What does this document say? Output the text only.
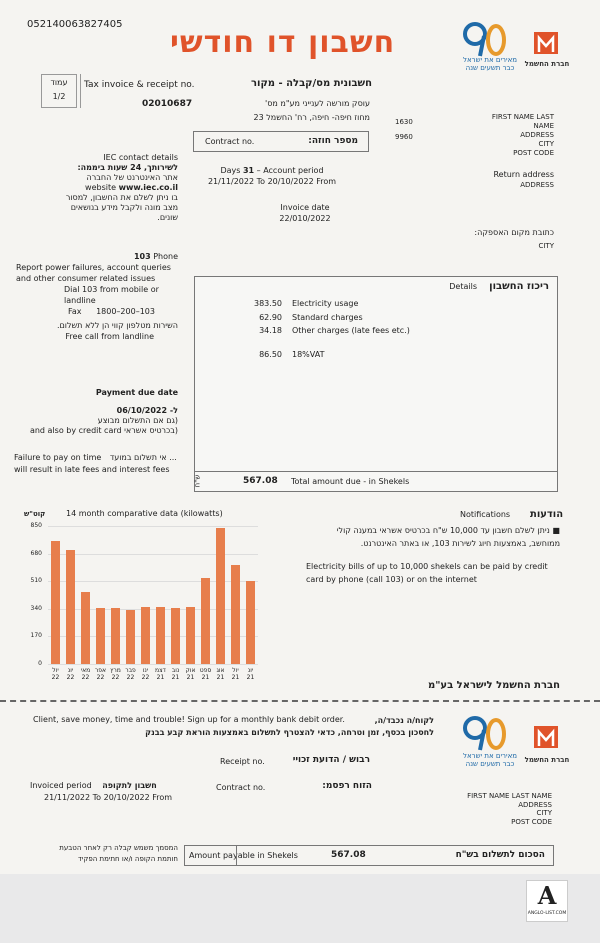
052140063827405
חשבון דו חודשי	מאירים את ישראל כבר תשעים שנה	חברת החשמל
עמוד
1/2
Tax invoice & receipt no.	חשבונית מס/קבלה - מקור
02010687	עוסק מורשה לענייני מע"מ מס'
מחוז חיפה- חיפה, רח' החשמל 23	1630
9960
FIRST NAME LAST NAME
ADDRESS
CITY
POST CODE
Contract no.	מספר חוזה:
IEC contact details
לשירותך, 24 שעות ביממה:
אתר האינטרנט של החברה
website www.iec.co.il
בו ניתן לשלם את החשבון, למסור
מצב מונה ולקבל מידע בנושאים
שונים.
Days 31 – Account period
21/11/2022 To 20/10/2022 From
Invoice date
22/010/2022
Return address
ADDRESS
כתובת מקום האספקה:
CITY
103 Phone
Report power failures, account queries
and other consumer related issues
Dial 103 from mobile or landline
Fax 1800–200–103
השירות מטלפון קווי הן ללא תשלום.
Free call from landline
ריכוז החשבון
Details
383.50 Electricity usage
62.90 Standard charges
34.18 Other charges (late fees etc.)
86.50 18%VAT
ש"ח	567.08 Total amount due - in Shekels
Payment due date
ל- 06/10/2022
(גם אם התשלום מבוצע
and also by credit card בכרטיס אשראי)
Failure to pay on time אי תשלום במועד ...
will result in late fees and interest fees
14 month comparative data (kilowatts)
קוט"ש
850
680
510
340
170
0
יונ
21
יול
21
אוג
21
ספט
21
אוק
21
נוב
21
דצמ
21
ינו
22
פבר
22
מרץ
22
אפר
22
מאי
22
יונ
22
יול
22
הודעות
Notifications
■ ניתן לשלם חשבון עד 10,000 ש"ח בכרטיס אשראי במענה קולי
ממוחשב, באמצעות חיוג לשירות 103, או באתר האינטרנט.
Electricity bills of up to 10,000 shekels can be paid by credit
card by phone (call 103) or on the internet
חברת החשמל לישראל בע"מ
Client, save money, time and trouble! Sign up for a monthly bank debit order.	לקוח/ה נכבד/ה,
לחסכון בכסף, זמן וטרחה, כדאי להצטרף לתשלום באמצעות הוראת קבע בבנק
מאירים את ישראל כבר תשעים שנה	חברת החשמל
Receipt no.	רבוש / הדועת זכויי
Contract no.	הזוח רפסמ:
Invoiced period חשבון לתקופה
21/11/2022 To 20/10/2022 From	FIRST NAME LAST NAME
ADDRESS
CITY
POST CODE
Amount payable in Shekels	567.08	הסכום לתשלום בש"ח
המסמך משמש קבלה רק לאחר הטבעת
חותמת הקופה ו/או חתימת הפקיד
A
ANGLO-LIST.COM
